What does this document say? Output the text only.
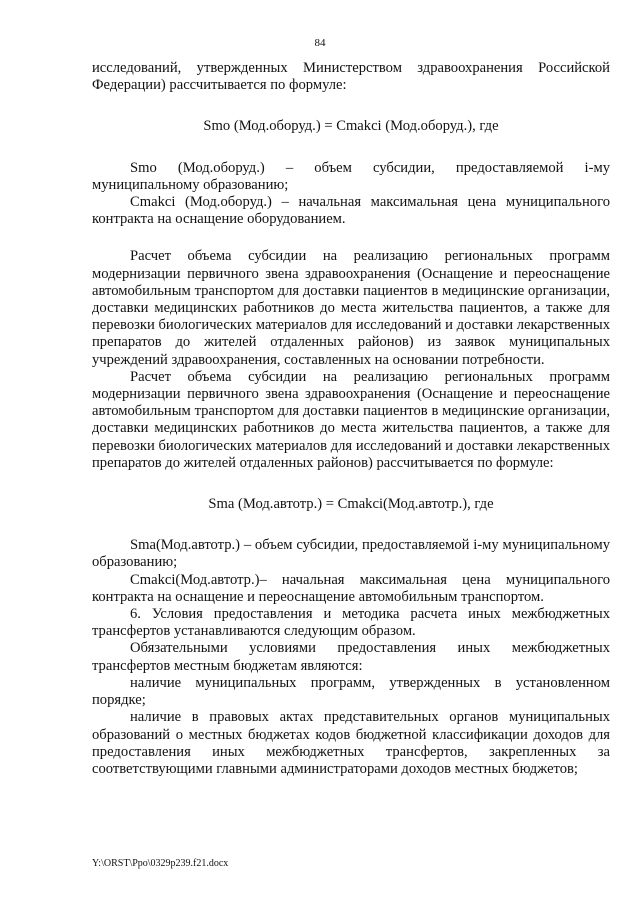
84

исследований, утвержденных Министерством здравоохранения Российской Федерации) рассчитывается по формуле:

Smo (Мод.оборуд.) = Cmakci (Мод.оборуд.), где

Smo (Мод.оборуд.) – объем субсидии, предоставляемой i-му муниципальному образованию;

Cmakci (Мод.оборуд.) – начальная максимальная цена муниципального контракта на оснащение оборудованием.

Расчет объема субсидии на реализацию региональных программ модернизации первичного звена здравоохранения (Оснащение и переоснащение автомобильным транспортом для доставки пациентов в медицинские организации, доставки медицинских работников до места жительства пациентов, а также для перевозки биологических материалов для исследований и доставки лекарственных препаратов до жителей отдаленных районов) из заявок муниципальных учреждений здравоохранения, составленных на основании потребности.

Расчет объема субсидии на реализацию региональных программ модернизации первичного звена здравоохранения (Оснащение и переоснащение автомобильным транспортом для доставки пациентов в медицинские организации, доставки медицинских работников до места жительства пациентов, а также для перевозки биологических материалов для исследований и доставки лекарственных препаратов до жителей отдаленных районов) рассчитывается по формуле:

Sma (Мод.автотр.) = Cmakci(Мод.автотр.), где

Sma(Мод.автотр.) – объем субсидии, предоставляемой i-му муниципальному образованию;

Cmakci(Мод.автотр.)– начальная максимальная цена муниципального контракта на оснащение и переоснащение автомобильным транспортом.

6. Условия предоставления и методика расчета иных межбюджетных трансфертов устанавливаются следующим образом.

Обязательными условиями предоставления иных межбюджетных трансфертов местным бюджетам являются:

наличие муниципальных программ, утвержденных в установленном порядке;

наличие в правовых актах представительных органов муниципальных образований о местных бюджетах кодов бюджетной классификации доходов для предоставления иных межбюджетных трансфертов, закрепленных за соответствующими главными администраторами доходов местных бюджетов;

Y:\ORST\Ppo\0329p239.f21.docx
